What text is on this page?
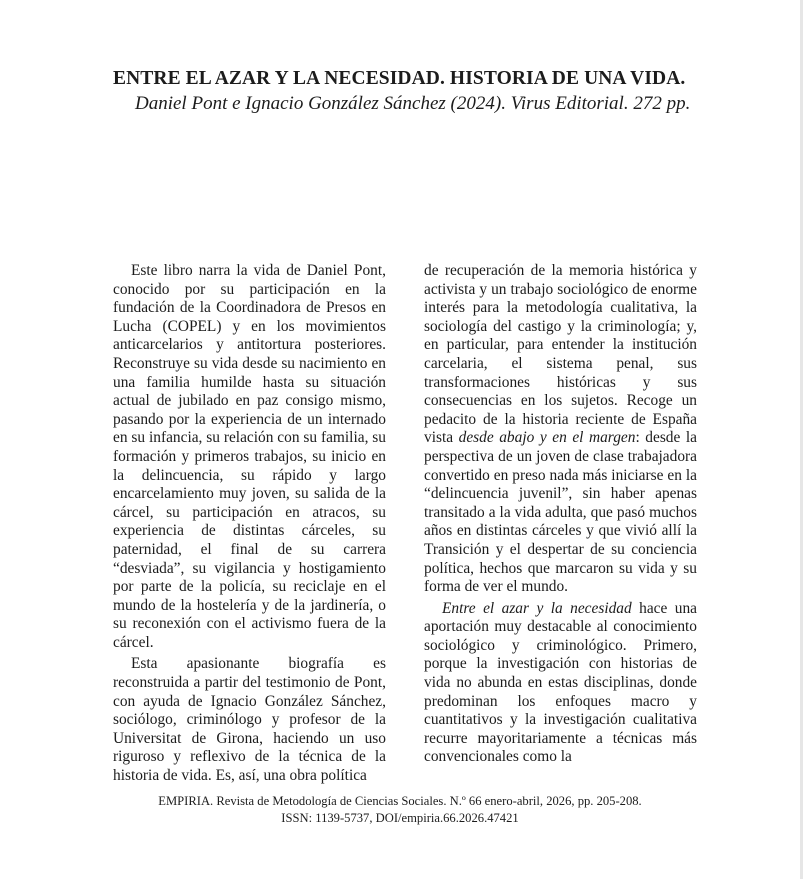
ENTRE EL AZAR Y LA NECESIDAD. HISTORIA DE UNA VIDA.
Daniel Pont e Ignacio González Sánchez (2024). Virus Editorial. 272 pp.

Este libro narra la vida de Daniel Pont, conocido por su participación en la fundación de la Coordinadora de Presos en Lucha (COPEL) y en los movimientos anticarcelarios y antitortura posteriores. Reconstruye su vida desde su nacimiento en una familia humilde hasta su situación actual de jubilado en paz consigo mismo, pasando por la experiencia de un internado en su infancia, su relación con su familia, su formación y primeros trabajos, su inicio en la delincuencia, su rápido y largo encarcelamiento muy joven, su salida de la cárcel, su participación en atracos, su experiencia de distintas cárceles, su paternidad, el final de su carrera “desviada”, su vigilancia y hostigamiento por parte de la policía, su reciclaje en el mundo de la hostelería y de la jardinería, o su reconexión con el activismo fuera de la cárcel.

Esta apasionante biografía es reconstruida a partir del testimonio de Pont, con ayuda de Ignacio González Sánchez, sociólogo, criminólogo y profesor de la Universitat de Girona, haciendo un uso riguroso y reflexivo de la técnica de la historia de vida. Es, así, una obra política

de recuperación de la memoria histórica y activista y un trabajo sociológico de enorme interés para la metodología cualitativa, la sociología del castigo y la criminología; y, en particular, para entender la institución carcelaria, el sistema penal, sus transformaciones históricas y sus consecuencias en los sujetos. Recoge un pedacito de la historia reciente de España vista desde abajo y en el margen: desde la perspectiva de un joven de clase trabajadora convertido en preso nada más iniciarse en la “delincuencia juvenil”, sin haber apenas transitado a la vida adulta, que pasó muchos años en distintas cárceles y que vivió allí la Transición y el despertar de su conciencia política, hechos que marcaron su vida y su forma de ver el mundo.

Entre el azar y la necesidad hace una aportación muy destacable al conocimiento sociológico y criminológico. Primero, porque la investigación con historias de vida no abunda en estas disciplinas, donde predominan los enfoques macro y cuantitativos y la investigación cualitativa recurre mayoritariamente a técnicas más convencionales como la

EMPIRIA. Revista de Metodología de Ciencias Sociales. N.º 66 enero-abril, 2026, pp. 205-208.
ISSN: 1139-5737, DOI/empiria.66.2026.47421
